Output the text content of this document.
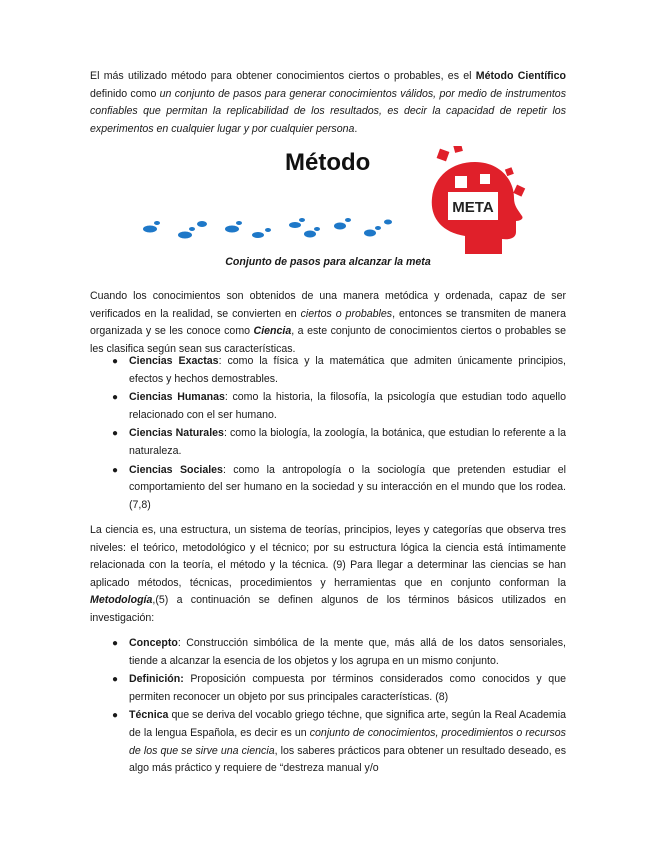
El más utilizado método para obtener conocimientos ciertos o probables, es el Método Científico definido como un conjunto de pasos para generar conocimientos válidos, por medio de instrumentos confiables que permitan la replicabilidad de los resultados, es decir la capacidad de repetir los experimentos en cualquier lugar y por cualquier persona.

Método
META
Conjunto de pasos para alcanzar la meta

Cuando los conocimientos son obtenidos de una manera metódica y ordenada, capaz de ser verificados en la realidad, se convierten en ciertos o probables, entonces se transmiten de manera organizada y se les conoce como Ciencia, a este conjunto de conocimientos ciertos o probables se les clasifica según sean sus características.

● Ciencias Exactas: como la física y la matemática que admiten únicamente principios, efectos y hechos demostrables.
● Ciencias Humanas: como la historia, la filosofía, la psicología que estudian todo aquello relacionado con el ser humano.
● Ciencias Naturales: como la biología, la zoología, la botánica, que estudian lo referente a la naturaleza.
● Ciencias Sociales: como la antropología o la sociología que pretenden estudiar el comportamiento del ser humano en la sociedad y su interacción en el mundo que los rodea. (7,8)

La ciencia es, una estructura, un sistema de teorías, principios, leyes y categorías que observa tres niveles: el teórico, metodológico y el técnico; por su estructura lógica la ciencia está íntimamente relacionada con la teoría, el método y la técnica. (9) Para llegar a determinar las ciencias se han aplicado métodos, técnicas, procedimientos y herramientas que en conjunto conforman la Metodología,(5) a continuación se definen algunos de los términos básicos utilizados en investigación:

● Concepto: Construcción simbólica de la mente que, más allá de los datos sensoriales, tiende a alcanzar la esencia de los objetos y los agrupa en un mismo conjunto.
● Definición: Proposición compuesta por términos considerados como conocidos y que permiten reconocer un objeto por sus principales características. (8)
● Técnica que se deriva del vocablo griego téchne, que significa arte, según la Real Academia de la lengua Española, es decir es un conjunto de conocimientos, procedimientos o recursos de los que se sirve una ciencia, los saberes prácticos para obtener un resultado deseado, es algo más práctico y requiere de “destreza manual y/o
